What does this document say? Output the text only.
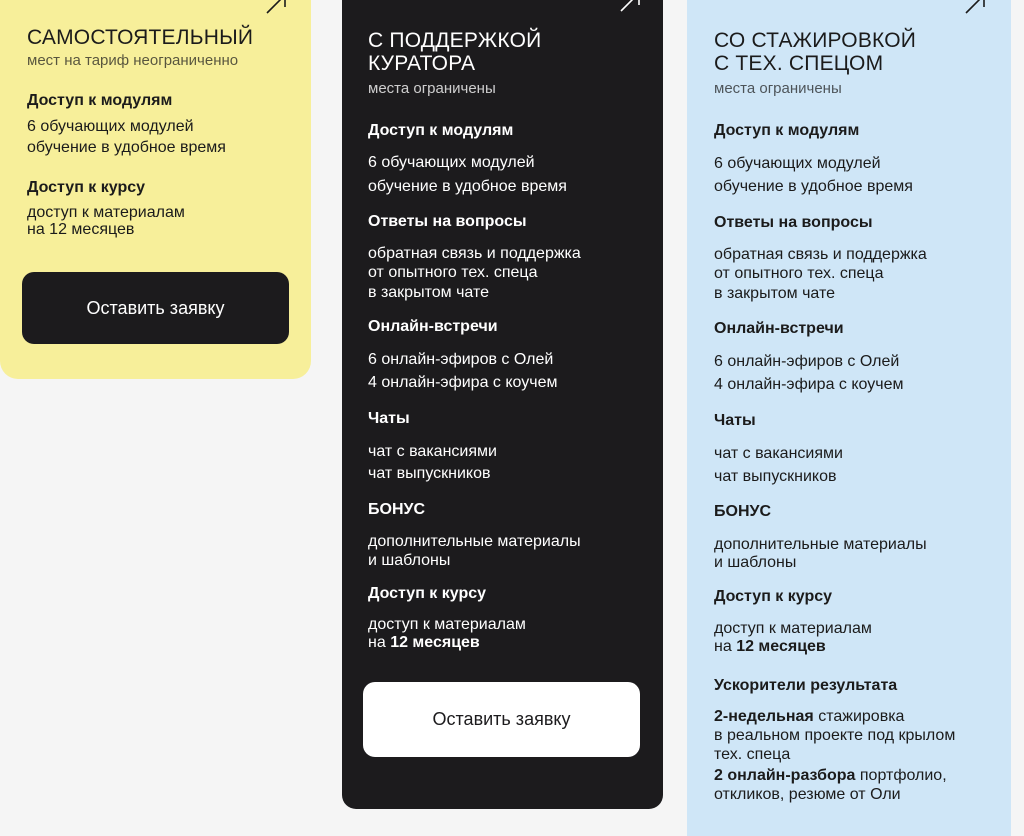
САМОСТОЯТЕЛЬНЫЙ
мест на тариф неограниченно
Доступ к модулям
6 обучающих модулей
обучение в удобное время
Доступ к курсу
доступ к материалам
на 12 месяцев
Оставить заявку
С ПОДДЕРЖКОЙ
КУРАТОРА
места ограничены
Доступ к модулям
6 обучающих модулей
обучение в удобное время
Ответы на вопросы
обратная связь и поддержка
от опытного тех. спеца
в закрытом чате
Онлайн-встречи
6 онлайн-эфиров с Олей
4 онлайн-эфира с коучем
Чаты
чат с вакансиями
чат выпускников
БОНУС
дополнительные материалы
и шаблоны
Доступ к курсу
доступ к материалам
на 12 месяцев
Оставить заявку
СО СТАЖИРОВКОЙ
С ТЕХ. СПЕЦОМ
места ограничены
Доступ к модулям
6 обучающих модулей
обучение в удобное время
Ответы на вопросы
обратная связь и поддержка
от опытного тех. спеца
в закрытом чате
Онлайн-встречи
6 онлайн-эфиров с Олей
4 онлайн-эфира с коучем
Чаты
чат с вакансиями
чат выпускников
БОНУС
дополнительные материалы
и шаблоны
Доступ к курсу
доступ к материалам
на 12 месяцев
Ускорители результата
2-недельная стажировка
в реальном проекте под крылом
тех. спеца
2 онлайн-разбора портфолио,
откликов, резюме от Оли
